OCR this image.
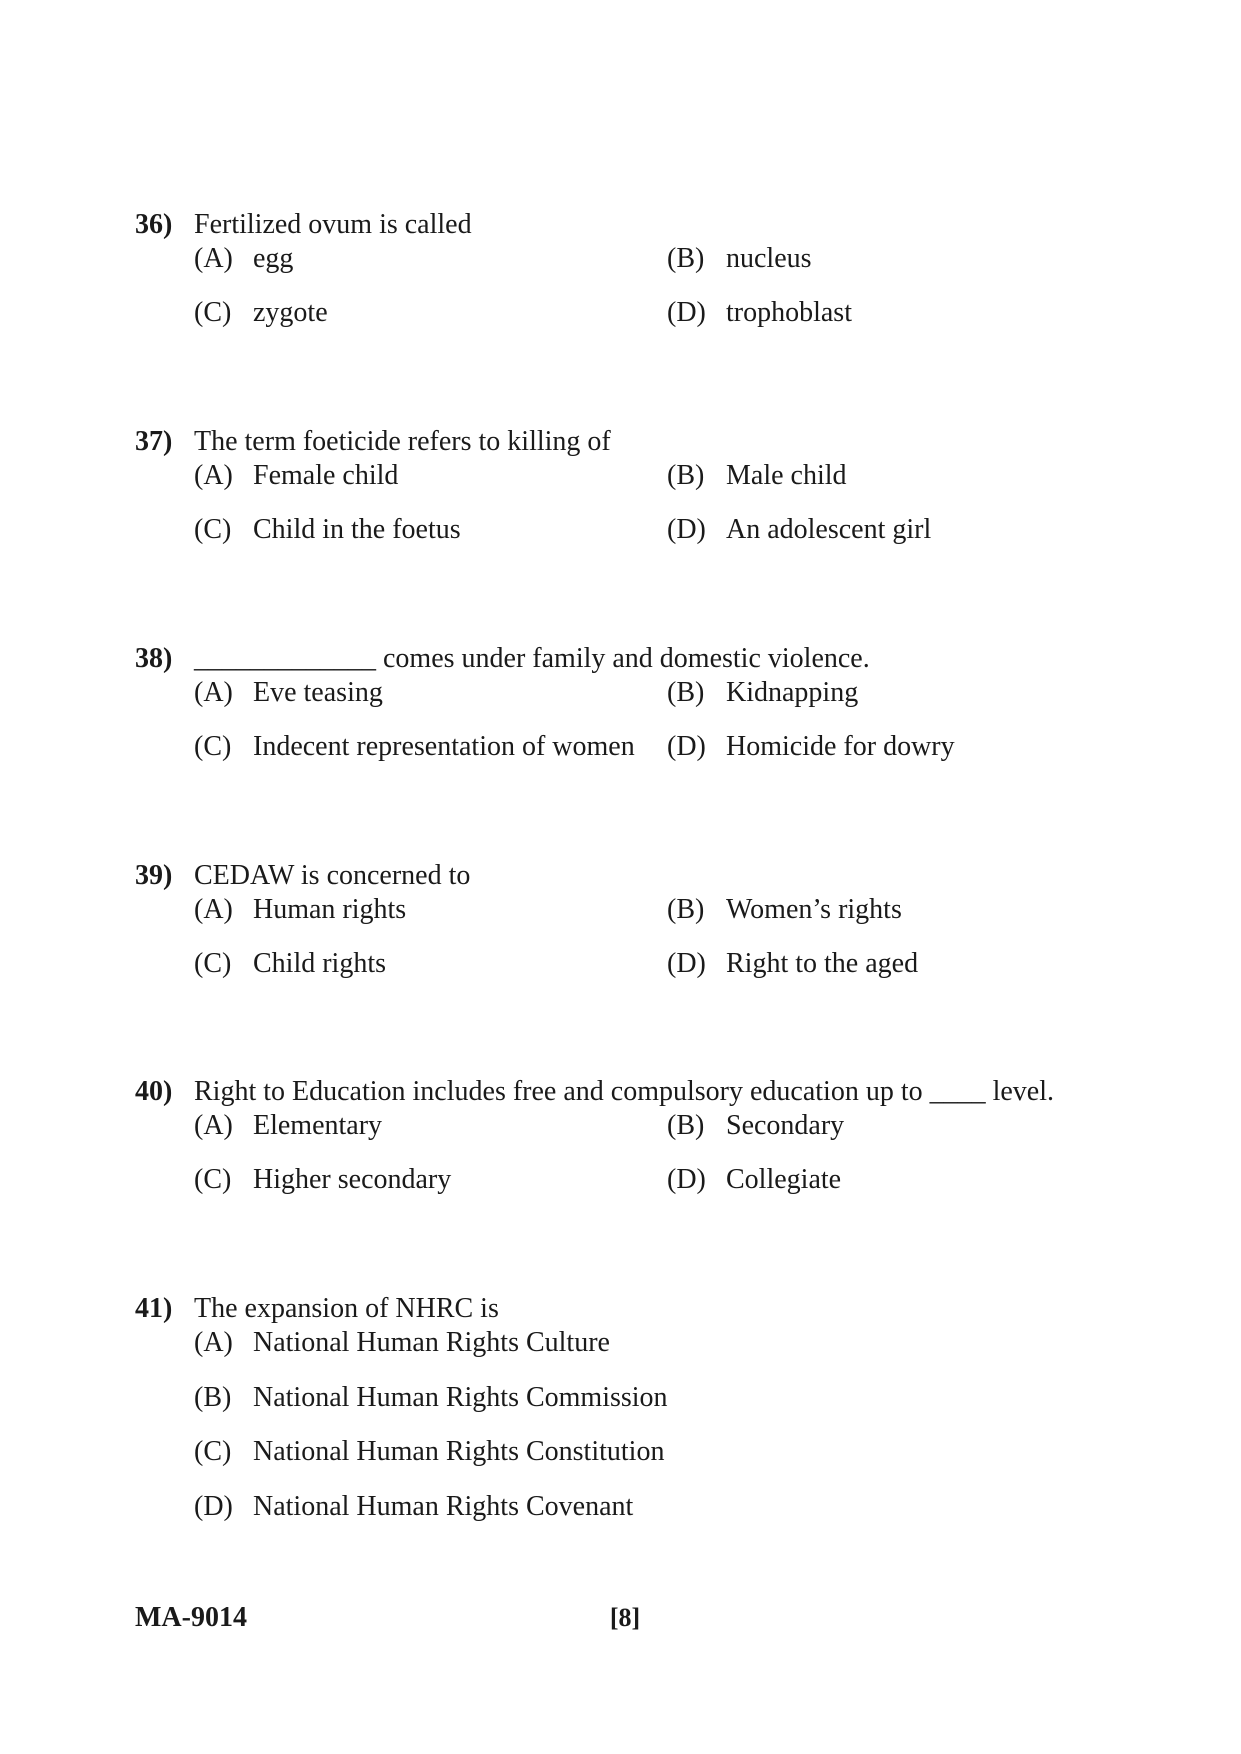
36) Fertilized ovum is called
(A) egg	(B) nucleus
(C) zygote	(D) trophoblast
37) The term foeticide refers to killing of
(A) Female child	(B) Male child
(C) Child in the foetus	(D) An adolescent girl
38) _____________ comes under family and domestic violence.
(A) Eve teasing	(B) Kidnapping
(C) Indecent representation of women (D) Homicide for dowry
39) CEDAW is concerned to
(A) Human rights	(B) Women’s rights
(C) Child rights	(D) Right to the aged
40) Right to Education includes free and compulsory education up to ____ level.
(A) Elementary	(B) Secondary
(C) Higher secondary	(D) Collegiate
41) The expansion of NHRC is
(A) National Human Rights Culture
(B) National Human Rights Commission
(C) National Human Rights Constitution
(D) National Human Rights Covenant
MA-9014	[8]
